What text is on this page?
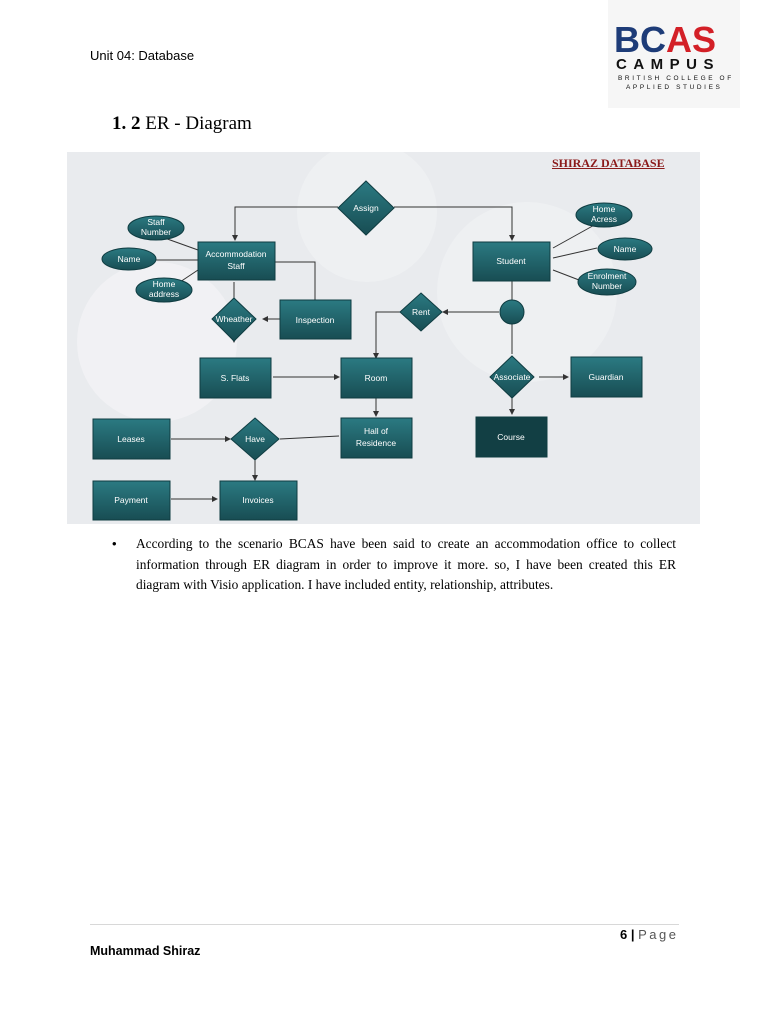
Unit 04: Database	BCAS
CAMPUS
BRITISH COLLEGE OF
APPLIED STUDIES
1. 2 ER - Diagram
Accommodation
Staff
Inspection
S. Flats	Room
Hall of
Residence
Student
Guardian
Course
Leases
Payment	Invoices
Assign
Wheather
Rent
Associate
Have
Staff
Number
Name
Home
address
Home
Acress
Name
Enrolment
Number
SHIRAZ DATABASE
• According to the scenario BCAS have been said to create an accommodation office to collect information through ER diagram in order to improve it more. so, I have been created this ER diagram with Visio application. I have included entity, relationship, attributes.
6 | Page
Muhammad Shiraz
